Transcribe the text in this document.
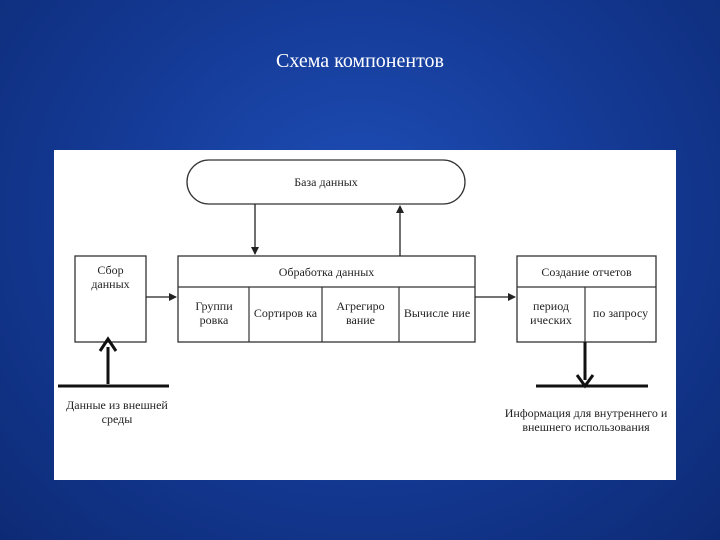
Схема компонентов
База данных
Сбор данных
Обработка данных
Группи ровка	Сортиров ка	Агрегиро вание	Вычисле ние
Создание отчетов
период ических	по запросу
Данные из внешней среды	Информация для внутреннего и внешнего использования
